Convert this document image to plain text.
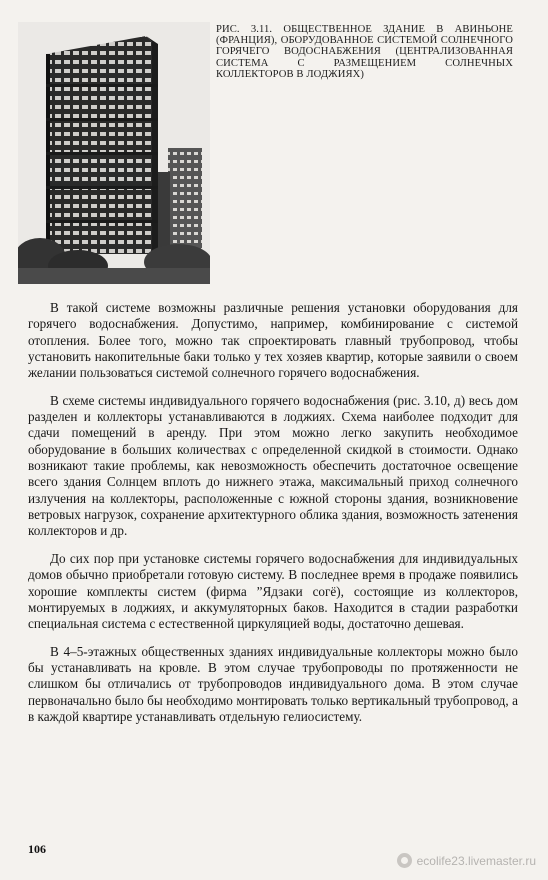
РИС. 3.11. ОБЩЕСТВЕННОЕ ЗДАНИЕ В АВИНЬОНЕ (ФРАНЦИЯ), ОБОРУДОВАННОЕ СИСТЕМОЙ СОЛНЕЧНОГО ГОРЯЧЕГО ВОДОСНАБЖЕНИЯ (ЦЕНТРАЛИЗОВАННАЯ СИСТЕМА С РАЗМЕЩЕНИЕМ СОЛНЕЧНЫХ КОЛЛЕКТОРОВ В ЛОДЖИЯХ)

В такой системе возможны различные решения установки оборудования для горячего водоснабжения. Допустимо, например, комбинирование с системой отопления. Более того, можно так спроектировать главный трубопровод, чтобы установить накопительные баки только у тех хозяев квартир, которые заявили о своем желании пользоваться системой солнечного горячего водоснабжения.

В схеме системы индивидуального горячего водоснабжения (рис. 3.10, д) весь дом разделен и коллекторы устанавливаются в лоджиях. Схема наиболее подходит для сдачи помещений в аренду. При этом можно легко закупить необходимое оборудование в больших количествах с определенной скидкой в стоимости. Однако возникают такие проблемы, как невозможность обеспечить достаточное освещение всего здания Солнцем вплоть до нижнего этажа, максимальный приход солнечного излучения на коллекторы, расположенные с южной стороны здания, возникновение ветровых нагрузок, сохранение архитектурного облика здания, возможность затенения коллекторов и др.

До сих пор при установке системы горячего водоснабжения для индивидуальных домов обычно приобретали готовую систему. В последнее время в продаже появились хорошие комплекты систем (фирма ”Ядзаки согё), состоящие из коллекторов, монтируемых в лоджиях, и аккумуляторных баков. Находится в стадии разработки специальная система с естественной циркуляцией воды, достаточно дешевая.

В 4–5-этажных общественных зданиях индивидуальные коллекторы можно было бы устанавливать на кровле. В этом случае трубопроводы по протяженности не слишком бы отличались от трубопроводов индивидуального дома. В этом случае первоначально было бы необходимо монтировать только вертикальный трубопровод, а в каждой квартире устанавливать отдельную гелиосистему.

106
ecolife23.livemaster.ru
